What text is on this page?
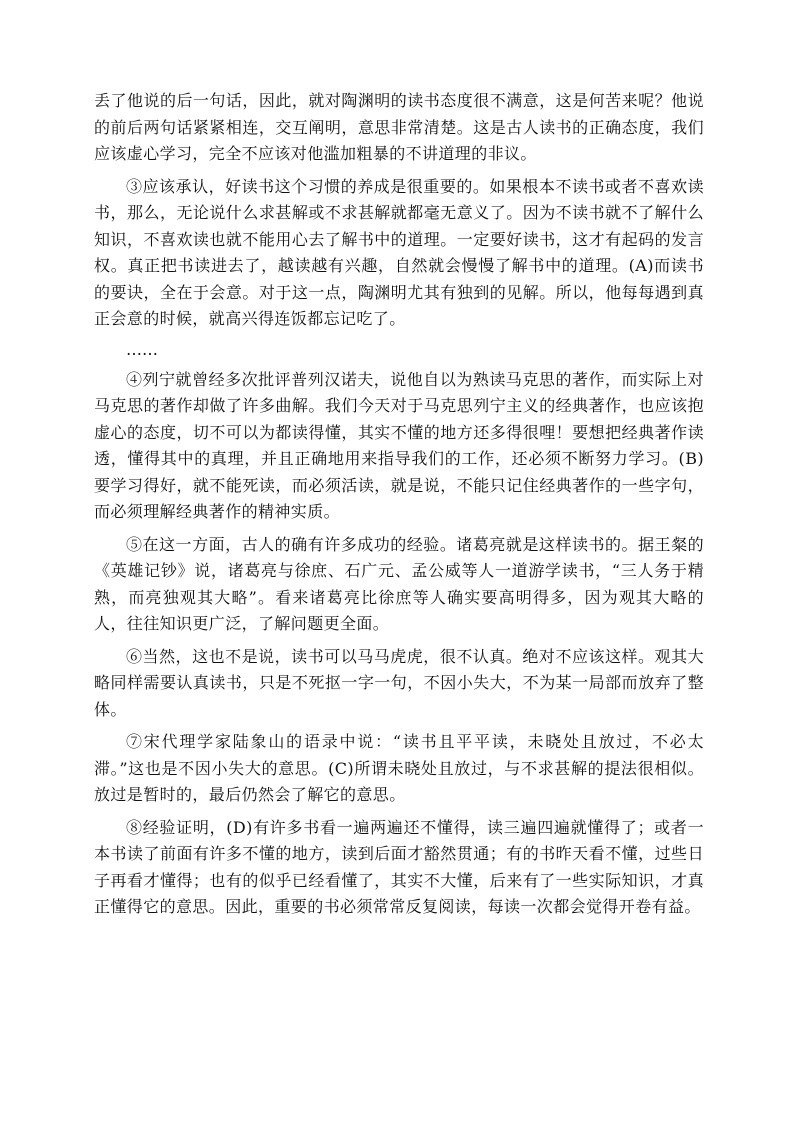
丢了他说的后一句话，因此，就对陶渊明的读书态度很不满意，这是何苦来呢？他说的前后两句话紧紧相连，交互阐明，意思非常清楚。这是古人读书的正确态度，我们应该虚心学习，完全不应该对他滥加粗暴的不讲道理的非议。

③应该承认，好读书这个习惯的养成是很重要的。如果根本不读书或者不喜欢读书，那么，无论说什么求甚解或不求甚解就都毫无意义了。因为不读书就不了解什么知识，不喜欢读也就不能用心去了解书中的道理。一定要好读书，这才有起码的发言权。真正把书读进去了，越读越有兴趣，自然就会慢慢了解书中的道理。(A)而读书的要诀，全在于会意。对于这一点，陶渊明尤其有独到的见解。所以，他每每遇到真正会意的时候，就高兴得连饭都忘记吃了。

……

④列宁就曾经多次批评普列汉诺夫，说他自以为熟读马克思的著作，而实际上对马克思的著作却做了许多曲解。我们今天对于马克思列宁主义的经典著作，也应该抱虚心的态度，切不可以为都读得懂，其实不懂的地方还多得很哩！要想把经典著作读透，懂得其中的真理，并且正确地用来指导我们的工作，还必须不断努力学习。(B)要学习得好，就不能死读，而必须活读，就是说，不能只记住经典著作的一些字句，而必须理解经典著作的精神实质。

⑤在这一方面，古人的确有许多成功的经验。诸葛亮就是这样读书的。据王粲的《英雄记钞》说，诸葛亮与徐庶、石广元、孟公威等人一道游学读书，“三人务于精熟，而亮独观其大略”。看来诸葛亮比徐庶等人确实要高明得多，因为观其大略的人，往往知识更广泛，了解问题更全面。

⑥当然，这也不是说，读书可以马马虎虎，很不认真。绝对不应该这样。观其大略同样需要认真读书，只是不死抠一字一句，不因小失大，不为某一局部而放弃了整体。

⑦宋代理学家陆象山的语录中说：“读书且平平读，未晓处且放过，不必太滞。”这也是不因小失大的意思。(C)所谓未晓处且放过，与不求甚解的提法很相似。放过是暂时的，最后仍然会了解它的意思。

⑧经验证明，(D)有许多书看一遍两遍还不懂得，读三遍四遍就懂得了；或者一本书读了前面有许多不懂的地方，读到后面才豁然贯通；有的书昨天看不懂，过些日子再看才懂得；也有的似乎已经看懂了，其实不大懂，后来有了一些实际知识，才真正懂得它的意思。因此，重要的书必须常常反复阅读，每读一次都会觉得开卷有益。
